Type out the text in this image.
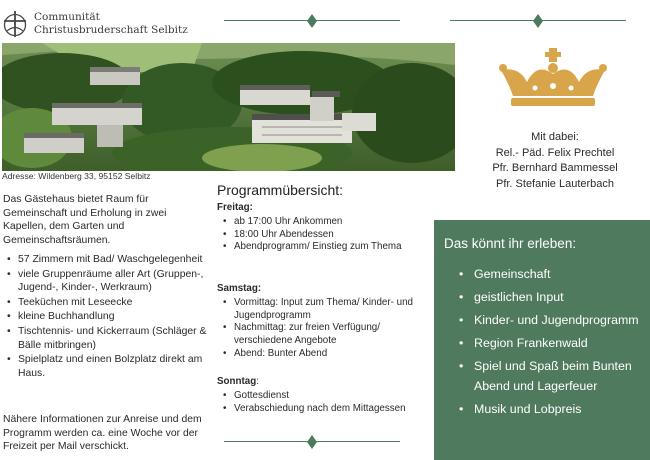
Communität
Christusbruderschaft Selbitz
Adresse: Wildenberg 33, 95152 Selbitz
Mit dabei:
Rel.- Päd. Felix Prechtel
Pfr. Bernhard Bammessel
Pfr. Stefanie Lauterbach

Das Gästehaus bietet Raum für Gemeinschaft und Erholung in zwei Kapellen, dem Garten und Gemeinschaftsräumen.

• 57 Zimmern mit Bad/ Waschgelegenheit
• viele Gruppenräume aller Art (Gruppen-, Jugend-, Kinder-, Werkraum)
• Teeküchen mit Leseecke
• kleine Buchhandlung
• Tischtennis- und Kickerraum (Schläger & Bälle mitbringen)
• Spielplatz und einen Bolzplatz direkt am Haus.

Nähere Informationen zur Anreise und dem Programm werden ca. eine Woche vor der Freizeit per Mail verschickt.

Programmübersicht:
Freitag:
• ab 17:00 Uhr Ankommen
• 18:00 Uhr Abendessen
• Abendprogramm/ Einstieg zum Thema
Samstag:
• Vormittag: Input zum Thema/ Kinder- und Jugendprogramm
• Nachmittag: zur freien Verfügung/ verschiedene Angebote
• Abend: Bunter Abend
Sonntag:
• Gottesdienst
• Verabschiedung nach dem Mittagessen
Das könnt ihr erleben:
• Gemeinschaft
• geistlichen Input
• Kinder- und Jugendprogramm
• Region Frankenwald
• Spiel und Spaß beim Bunten Abend und Lagerfeuer
• Musik und Lobpreis
